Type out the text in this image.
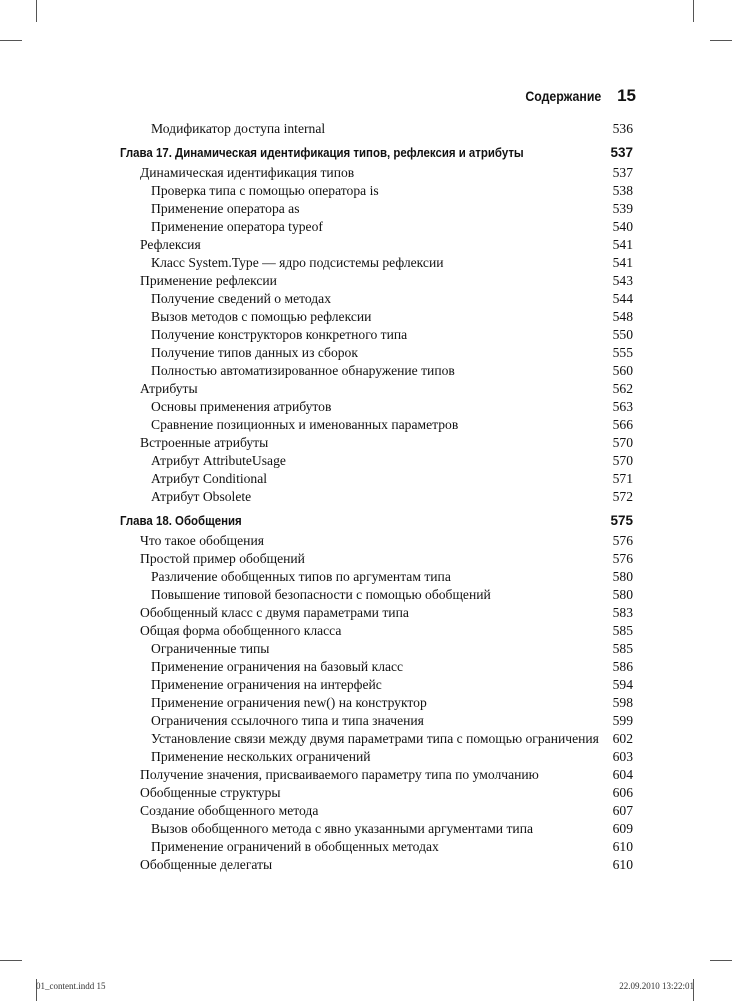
Содержание 15
Модификатор доступа internal	536
Глава 17. Динамическая идентификация типов, рефлексия и атрибуты	537
Динамическая идентификация типов	537
Проверка типа с помощью оператора is	538
Применение оператора as	539
Применение оператора typeof	540
Рефлексия	541
Класс System.Type — ядро подсистемы рефлексии	541
Применение рефлексии	543
Получение сведений о методах	544
Вызов методов с помощью рефлексии	548
Получение конструкторов конкретного типа	550
Получение типов данных из сборок	555
Полностью автоматизированное обнаружение типов	560
Атрибуты	562
Основы применения атрибутов	563
Сравнение позиционных и именованных параметров	566
Встроенные атрибуты	570
Атрибут AttributeUsage	570
Атрибут Conditional	571
Атрибут Obsolete	572
Глава 18. Обобщения	575
Что такое обобщения	576
Простой пример обобщений	576
Различение обобщенных типов по аргументам типа	580
Повышение типовой безопасности с помощью обобщений	580
Обобщенный класс с двумя параметрами типа	583
Общая форма обобщенного класса	585
Ограниченные типы	585
Применение ограничения на базовый класс	586
Применение ограничения на интерфейс	594
Применение ограничения new() на конструктор	598
Ограничения ссылочного типа и типа значения	599
Установление связи между двумя параметрами типа с помощью ограничения	602
Применение нескольких ограничений	603
Получение значения, присваиваемого параметру типа по умолчанию	604
Обобщенные структуры	606
Создание обобщенного метода	607
Вызов обобщенного метода с явно указанными аргументами типа	609
Применение ограничений в обобщенных методах	610
Обобщенные делегаты	610
01_content.indd 15	22.09.2010 13:22:01
